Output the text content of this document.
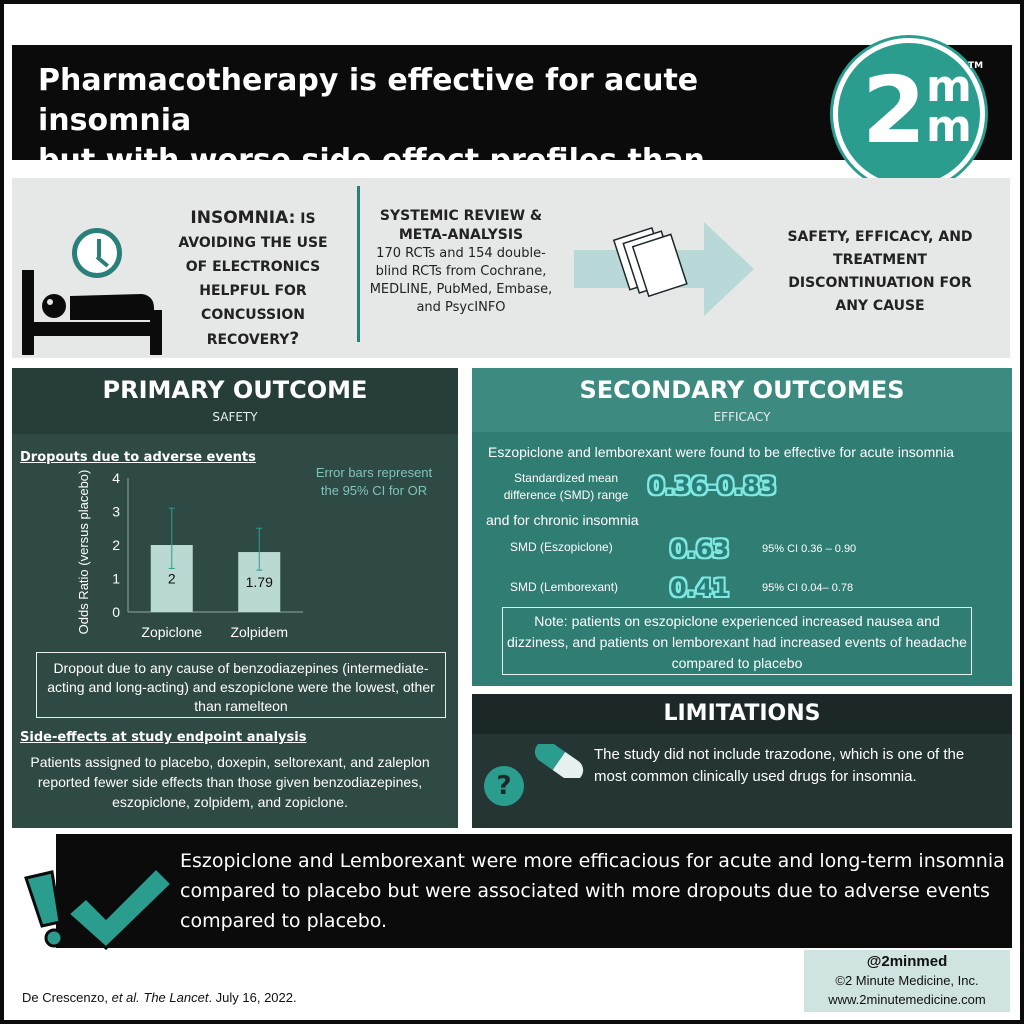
Pharmacotherapy is effective for acute insomnia
but with worse side effect profiles than	2 m
m
TM
INSOMNIA: IS AVOIDING THE USE OF ELECTRONICS HELPFUL FOR CONCUSSION RECOVERY?
SYSTEMIC REVIEW & META-ANALYSIS
170 RCTs and 154 double-blind RCTs from Cochrane, MEDLINE, PubMed, Embase, and PsycINFO
SAFETY, EFFICACY, AND TREATMENT DISCONTINUATION FOR ANY CAUSE
PRIMARY OUTCOME
SAFETY
Dropouts due to adverse events
Error bars represent the 95% CI for OR
Odds Ratio (versus placebo) 0
1
2
3
4
2
Zopiclone
1.79
Zolpidem
Dropout due to any cause of benzodiazepines (intermediate-acting and long-acting) and eszopiclone were the lowest, other than ramelteon
Side-effects at study endpoint analysis
Patients assigned to placebo, doxepin, seltorexant, and zaleplon reported fewer side effects than those given benzodiazepines, eszopiclone, zolpidem, and zopiclone.
SECONDARY OUTCOMES
EFFICACY
Eszopiclone and lemborexant were found to be effective for acute insomnia
Standardized mean difference (SMD) range 0.36-0.83
and for chronic insomnia
SMD (Eszopiclone) 0.63	95% CI 0.36 – 0.90
SMD (Lemborexant) 0.41	95% CI 0.04– 0.78
Note: patients on eszopiclone experienced increased nausea and dizziness, and patients on lemborexant had increased events of headache compared to placebo
LIMITATIONS
?
The study did not include trazodone, which is one of the most common clinically used drugs for insomnia.
Eszopiclone and Lemborexant were more efficacious for acute and long-term insomnia compared to placebo but were associated with more dropouts due to adverse events compared to placebo.
De Crescenzo, et al. The Lancet. July 16, 2022.
@2minmed
©2 Minute Medicine, Inc.
www.2minutemedicine.com
